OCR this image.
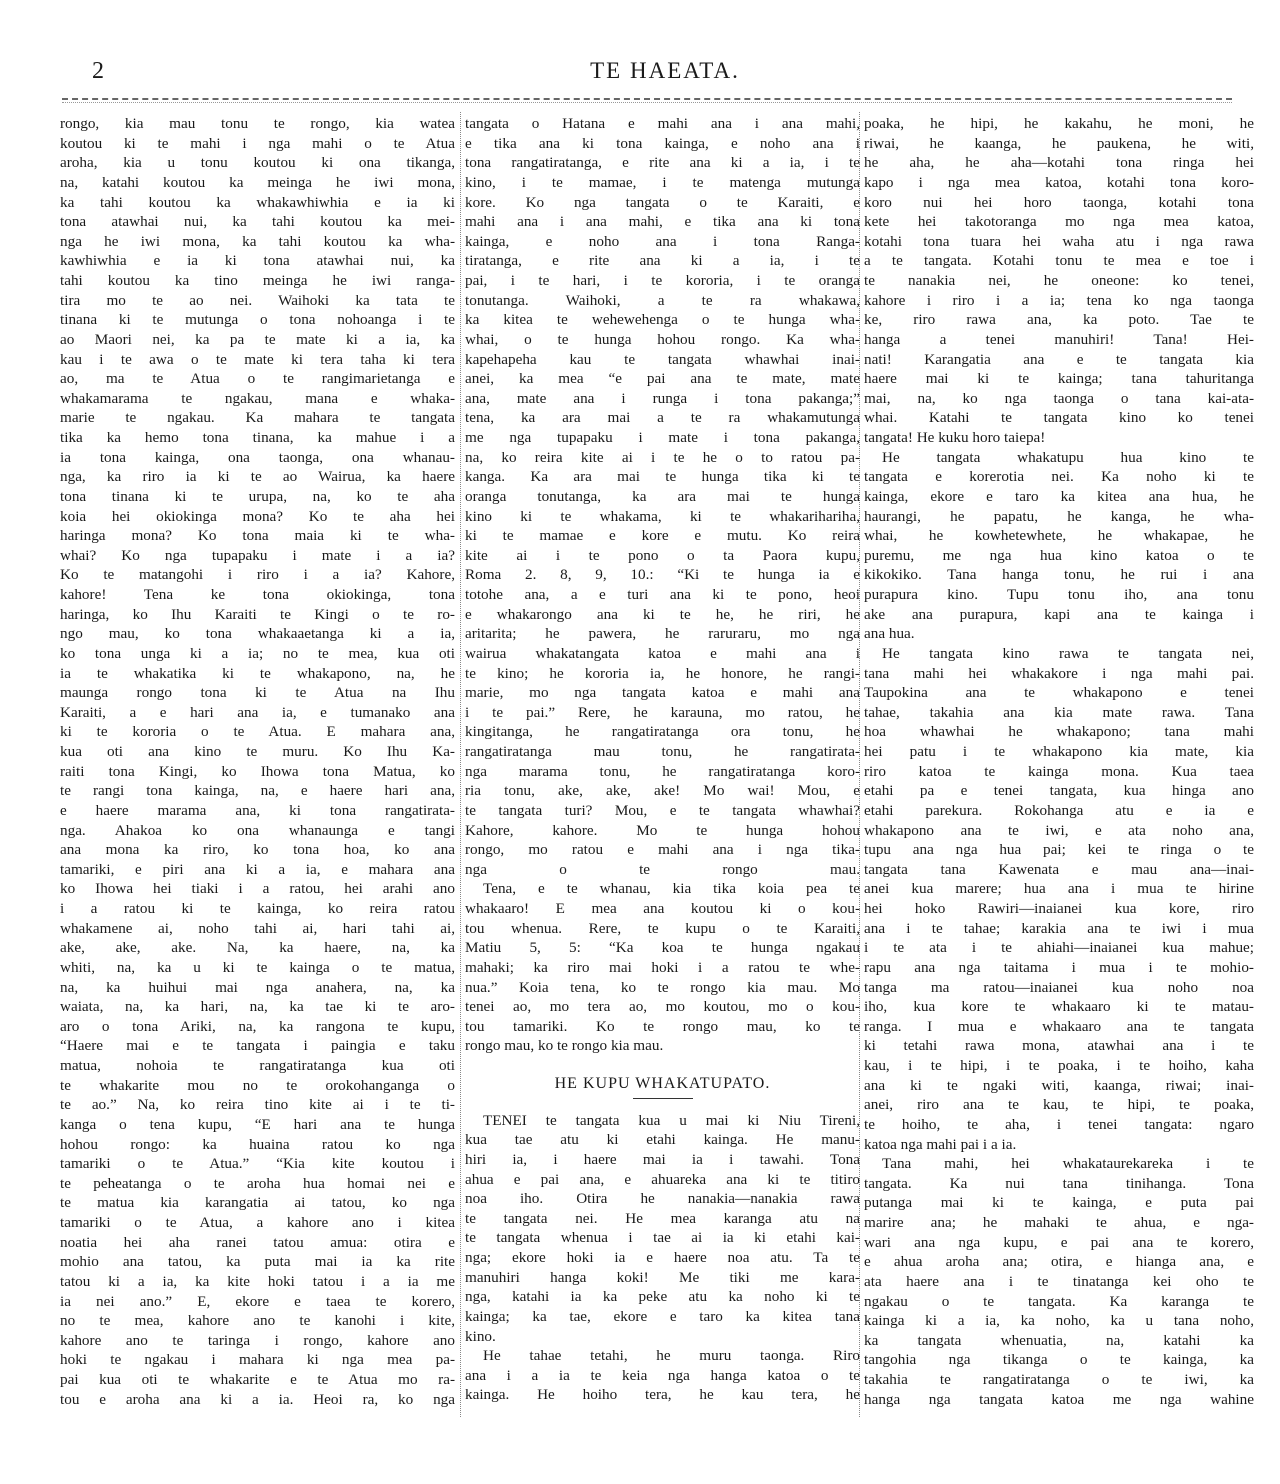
2	TE HAEATA.
rongo, kia mau tonu te rongo, kia watea
koutou ki te mahi i nga mahi o te Atua
aroha, kia u tonu koutou ki ona tikanga,
na, katahi koutou ka meinga he iwi mona,
ka tahi koutou ka whakawhiwhia e ia ki
tona atawhai nui, ka tahi koutou ka mei-
nga he iwi mona, ka tahi koutou ka wha-
kawhiwhia e ia ki tona atawhai nui, ka
tahi koutou ka tino meinga he iwi ranga-
tira mo te ao nei. Waihoki ka tata te
tinana ki te mutunga o tona nohoanga i te
ao Maori nei, ka pa te mate ki a ia, ka
kau i te awa o te mate ki tera taha ki tera
ao, ma te Atua o te rangimarietanga e
whakamarama te ngakau, mana e whaka-
marie te ngakau. Ka mahara te tangata
tika ka hemo tona tinana, ka mahue i a
ia tona kainga, ona taonga, ona whanau-
nga, ka riro ia ki te ao Wairua, ka haere
tona tinana ki te urupa, na, ko te aha
koia hei okiokinga mona? Ko te aha hei
haringa mona? Ko tona maia ki te wha-
whai? Ko nga tupapaku i mate i a ia?
Ko te matangohi i riro i a ia? Kahore,
kahore! Tena ke tona okiokinga, tona
haringa, ko Ihu Karaiti te Kingi o te ro-
ngo mau, ko tona whakaaetanga ki a ia,
ko tona unga ki a ia; no te mea, kua oti
ia te whakatika ki te whakapono, na, he
maunga rongo tona ki te Atua na Ihu
Karaiti, a e hari ana ia, e tumanako ana
ki te kororia o te Atua. E mahara ana,
kua oti ana kino te muru. Ko Ihu Ka-
raiti tona Kingi, ko Ihowa tona Matua, ko
te rangi tona kainga, na, e haere hari ana,
e haere marama ana, ki tona rangatirata-
nga. Ahakoa ko ona whanaunga e tangi
ana mona ka riro, ko tona hoa, ko ana
tamariki, e piri ana ki a ia, e mahara ana
ko Ihowa hei tiaki i a ratou, hei arahi ano
i a ratou ki te kainga, ko reira ratou
whakamene ai, noho tahi ai, hari tahi ai,
ake, ake, ake. Na, ka haere, na, ka
whiti, na, ka u ki te kainga o te matua,
na, ka huihui mai nga anahera, na, ka
waiata, na, ka hari, na, ka tae ki te aro-
aro o tona Ariki, na, ka rangona te kupu,
“Haere mai e te tangata i paingia e taku
matua, nohoia te rangatiratanga kua oti
te whakarite mou no te orokohanganga o
te ao.” Na, ko reira tino kite ai i te ti-
kanga o tena kupu, “E hari ana te hunga
hohou rongo: ka huaina ratou ko nga
tamariki o te Atua.” “Kia kite koutou i
te peheatanga o te aroha hua homai nei e
te matua kia karangatia ai tatou, ko nga
tamariki o te Atua, a kahore ano i kitea
noatia hei aha ranei tatou amua: otira e
mohio ana tatou, ka puta mai ia ka rite
tatou ki a ia, ka kite hoki tatou i a ia me
ia nei ano.” E, ekore e taea te korero,
no te mea, kahore ano te kanohi i kite,
kahore ano te taringa i rongo, kahore ano
hoki te ngakau i mahara ki nga mea pa-
pai kua oti te whakarite e te Atua mo ra-
tou e aroha ana ki a ia. Heoi ra, ko nga
tangata o Hatana e mahi ana i ana mahi,
e tika ana ki tona kainga, e noho ana i
tona rangatiratanga, e rite ana ki a ia, i te
kino, i te mamae, i te matenga mutunga
kore. Ko nga tangata o te Karaiti, e
mahi ana i ana mahi, e tika ana ki tona
kainga, e noho ana i tona Ranga-
tiratanga, e rite ana ki a ia, i te
pai, i te hari, i te kororia, i te oranga
tonutanga. Waihoki, a te ra whakawa,
ka kitea te wehewehenga o te hunga wha-
whai, o te hunga hohou rongo. Ka wha-
kapehapeha kau te tangata whawhai inai-
anei, ka mea “e pai ana te mate, mate
ana, mate ana i runga i tona pakanga;”
tena, ka ara mai a te ra whakamutunga
me nga tupapaku i mate i tona pakanga,
na, ko reira kite ai i te he o to ratou pa-
kanga. Ka ara mai te hunga tika ki te
oranga tonutanga, ka ara mai te hunga
kino ki te whakama, ki te whakarihariha,
ki te mamae e kore e mutu. Ko reira
kite ai i te pono o ta Paora kupu,
Roma 2. 8, 9, 10.: “Ki te hunga ia e
totohe ana, a e turi ana ki te pono, heoi
e whakarongo ana ki te he, he riri, he
aritarita; he pawera, he raruraru, mo nga
wairua whakatangata katoa e mahi ana i
te kino; he kororia ia, he honore, he rangi-
marie, mo nga tangata katoa e mahi ana
i te pai.” Rere, he karauna, mo ratou, he
kingitanga, he rangatiratanga ora tonu, he
rangatiratanga mau tonu, he rangatirata-
nga marama tonu, he rangatiratanga koro-
ria tonu, ake, ake, ake! Mo wai! Mou, e
te tangata turi? Mou, e te tangata whawhai?
Kahore, kahore. Mo te hunga hohou
rongo, mo ratou e mahi ana i nga tika-
nga o te rongo mau.
Tena, e te whanau, kia tika koia pea te
whakaaro! E mea ana koutou ki o kou-
tou whenua. Rere, te kupu o te Karaiti,
Matiu 5, 5: “Ka koa te hunga ngakau
mahaki; ka riro mai hoki i a ratou te whe-
nua.” Koia tena, ko te rongo kia mau. Mo
tenei ao, mo tera ao, mo koutou, mo o kou-
tou tamariki. Ko te rongo mau, ko te
rongo mau, ko te rongo kia mau.
HE KUPU WHAKATUPATO.
TENEI te tangata kua u mai ki Niu Tireni,
kua tae atu ki etahi kainga. He manu-
hiri ia, i haere mai ia i tawahi. Tona
ahua e pai ana, e ahuareka ana ki te titiro
noa iho. Otira he nanakia—nanakia rawa
te tangata nei. He mea karanga atu na
te tangata whenua i tae ai ia ki etahi kai-
nga; ekore hoki ia e haere noa atu. Ta te
manuhiri hanga koki! Me tiki me kara-
nga, katahi ia ka peke atu ka noho ki te
kainga; ka tae, ekore e taro ka kitea tana
kino.
He tahae tetahi, he muru taonga. Riro
ana i a ia te keia nga hanga katoa o te
kainga. He hoiho tera, he kau tera, he
poaka, he hipi, he kakahu, he moni, he
riwai, he kaanga, he paukena, he witi,
he aha, he aha—kotahi tona ringa hei
kapo i nga mea katoa, kotahi tona koro-
koro nui hei horo taonga, kotahi tona
kete hei takotoranga mo nga mea katoa,
kotahi tona tuara hei waha atu i nga rawa
a te tangata. Kotahi tonu te mea e toe i
te nanakia nei, he oneone: ko tenei,
kahore i riro i a ia; tena ko nga taonga
ke, riro rawa ana, ka poto. Tae te
hanga a tenei manuhiri! Tana! Hei-
nati! Karangatia ana e te tangata kia
haere mai ki te kainga; tana tahuritanga
mai, na, ko nga taonga o tana kai-ata-
whai. Katahi te tangata kino ko tenei
tangata! He kuku horo taiepa!
He tangata whakatupu hua kino te
tangata e korerotia nei. Ka noho ki te
kainga, ekore e taro ka kitea ana hua, he
haurangi, he papatu, he kanga, he wha-
whai, he kowhetewhete, he whakapae, he
puremu, me nga hua kino katoa o te
kikokiko. Tana hanga tonu, he rui i ana
purapura kino. Tupu tonu iho, ana tonu
ake ana purapura, kapi ana te kainga i
ana hua.
He tangata kino rawa te tangata nei,
tana mahi hei whakakore i nga mahi pai.
Taupokina ana te whakapono e tenei
tahae, takahia ana kia mate rawa. Tana
hoa whawhai he whakapono; tana mahi
hei patu i te whakapono kia mate, kia
riro katoa te kainga mona. Kua taea
etahi pa e tenei tangata, kua hinga ano
etahi parekura. Rokohanga atu e ia e
whakapono ana te iwi, e ata noho ana,
tupu ana nga hua pai; kei te ringa o te
tangata tana Kawenata e mau ana—inai-
anei kua marere; hua ana i mua te hirine
hei hoko Rawiri—inaianei kua kore, riro
ana i te tahae; karakia ana te iwi i mua
i te ata i te ahiahi—inaianei kua mahue;
rapu ana nga taitama i mua i te mohio-
tanga ma ratou—inaianei kua noho noa
iho, kua kore te whakaaro ki te matau-
ranga. I mua e whakaaro ana te tangata
ki tetahi rawa mona, atawhai ana i te
kau, i te hipi, i te poaka, i te hoiho, kaha
ana ki te ngaki witi, kaanga, riwai; inai-
anei, riro ana te kau, te hipi, te poaka,
te hoiho, te aha, i tenei tangata: ngaro
katoa nga mahi pai i a ia.
Tana mahi, hei whakataurekareka i te
tangata. Ka nui tana tinihanga. Tona
putanga mai ki te kainga, e puta pai
marire ana; he mahaki te ahua, e nga-
wari ana nga kupu, e pai ana te korero,
e ahua aroha ana; otira, e hianga ana, e
ata haere ana i te tinatanga kei oho te
ngakau o te tangata. Ka karanga te
kainga ki a ia, ka noho, ka u tana noho,
ka tangata whenuatia, na, katahi ka
tangohia nga tikanga o te kainga, ka
takahia te rangatiratanga o te iwi, ka
hanga nga tangata katoa me nga wahine
